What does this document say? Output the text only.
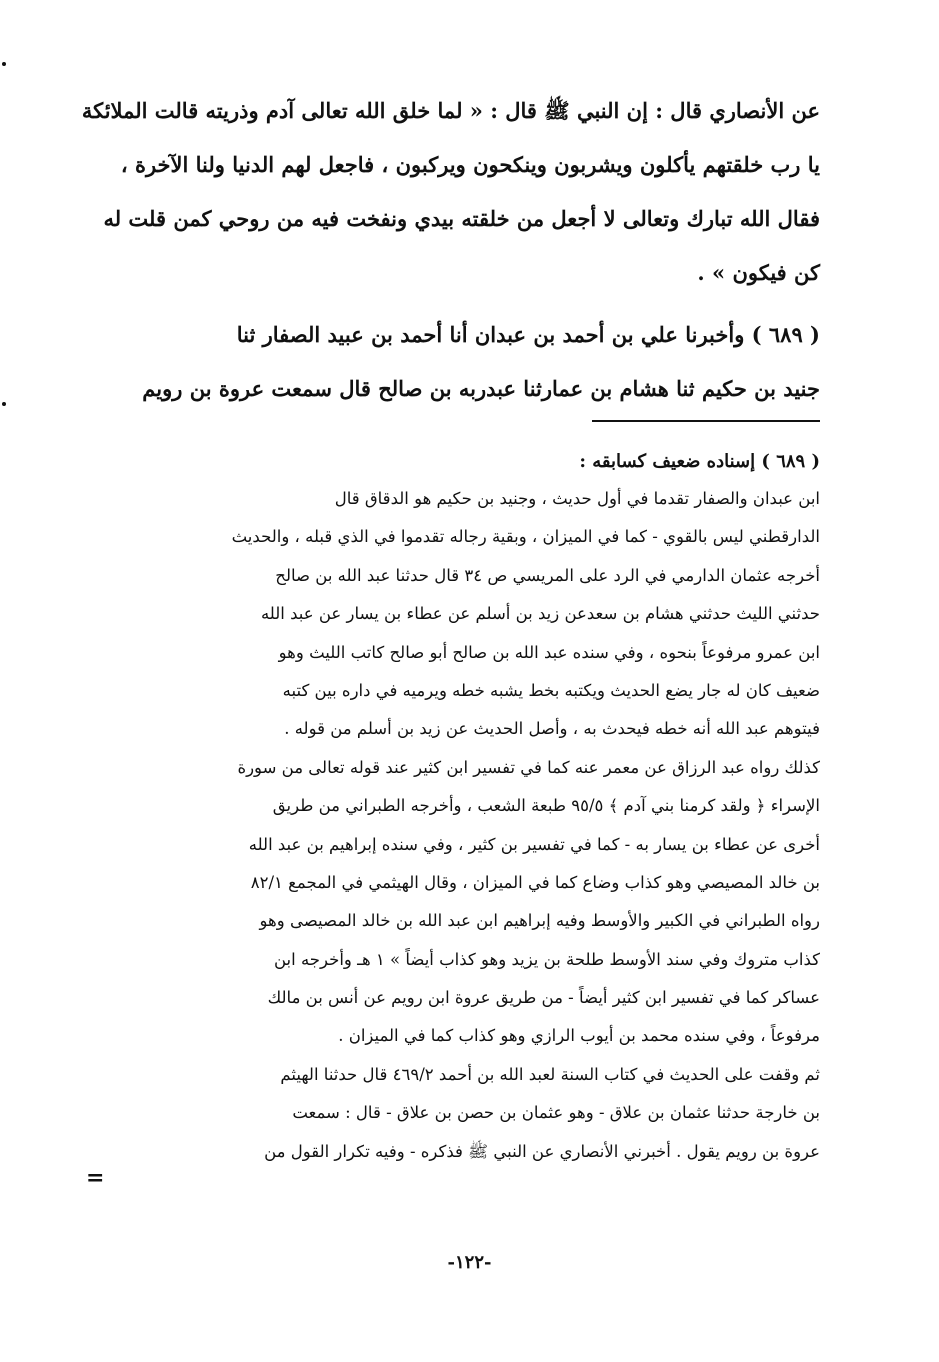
عن الأنصاري قال : إن النبي ﷺ قال : « لما خلق الله تعالى آدم وذريته قالت الملائكة
يا رب خلقتهم يأكلون ويشربون وينكحون ويركبون ، فاجعل لهم الدنيا ولنا الآخرة ،
فقال الله تبارك وتعالى لا أجعل من خلقته بيدي ونفخت فيه من روحي كمن قلت له
كن فيكون » .
( ٦٨٩ ) وأخبرنا علي بن أحمد بن عبدان أنا أحمد بن عبيد الصفار ثنا
جنيد بن حكيم ثنا هشام بن عمارثنا عبدربه بن صالح قال سمعت عروة بن رويم
( ٦٨٩ ) إسناده ضعيف كسابقه :
ابن عبدان والصفار تقدما في أول حديث ، وجنيد بن حكيم هو الدقاق قال
الدارقطني ليس بالقوي - كما في الميزان ، وبقية رجاله تقدموا في الذي قبله ، والحديث
أخرجه عثمان الدارمي في الرد على المريسي ص ٣٤ قال حدثنا عبد الله بن صالح
حدثني الليث حدثني هشام بن سعدعن زيد بن أسلم عن عطاء بن يسار عن عبد الله
ابن عمرو مرفوعاً بنحوه ، وفي سنده عبد الله بن صالح أبو صالح كاتب الليث وهو
ضعيف كان له جار يضع الحديث ويكتبه بخط يشبه خطه ويرميه في داره بين كتبه
فيتوهم عبد الله أنه خطه فيحدث به ، وأصل الحديث عن زيد بن أسلم من قوله .
كذلك رواه عبد الرزاق عن معمر عنه كما في تفسير ابن كثير عند قوله تعالى من سورة
الإسراء ﴿ ولقد كرمنا بني آدم ﴾ ٩٥/٥ طبعة الشعب ، وأخرجه الطبراني من طريق
أخرى عن عطاء بن يسار به - كما في تفسير بن كثير ، وفي سنده إبراهيم بن عبد الله
بن خالد المصيصي وهو كذاب وضاع كما في الميزان ، وقال الهيثمي في المجمع ٨٢/١
رواه الطبراني في الكبير والأوسط وفيه إبراهيم ابن عبد الله بن خالد المصيصى وهو
كذاب متروك وفي سند الأوسط طلحة بن يزيد وهو كذاب أيضاً » ١ هـ وأخرجه ابن
عساكر كما في تفسير ابن كثير أيضاً - من طريق عروة ابن رويم عن أنس بن مالك
مرفوعاً ، وفي سنده محمد بن أيوب الرازي وهو كذاب كما في الميزان .
ثم وقفت على الحديث في كتاب السنة لعبد الله بن أحمد ٤٦٩/٢ قال حدثنا الهيثم
بن خارجة حدثنا عثمان بن علاق - وهو عثمان بن حصن بن علاق - قال : سمعت
عروة بن رويم يقول . أخبرني الأنصاري عن النبي ﷺ فذكره - وفيه تكرار القول من
=
-١٢٢-
